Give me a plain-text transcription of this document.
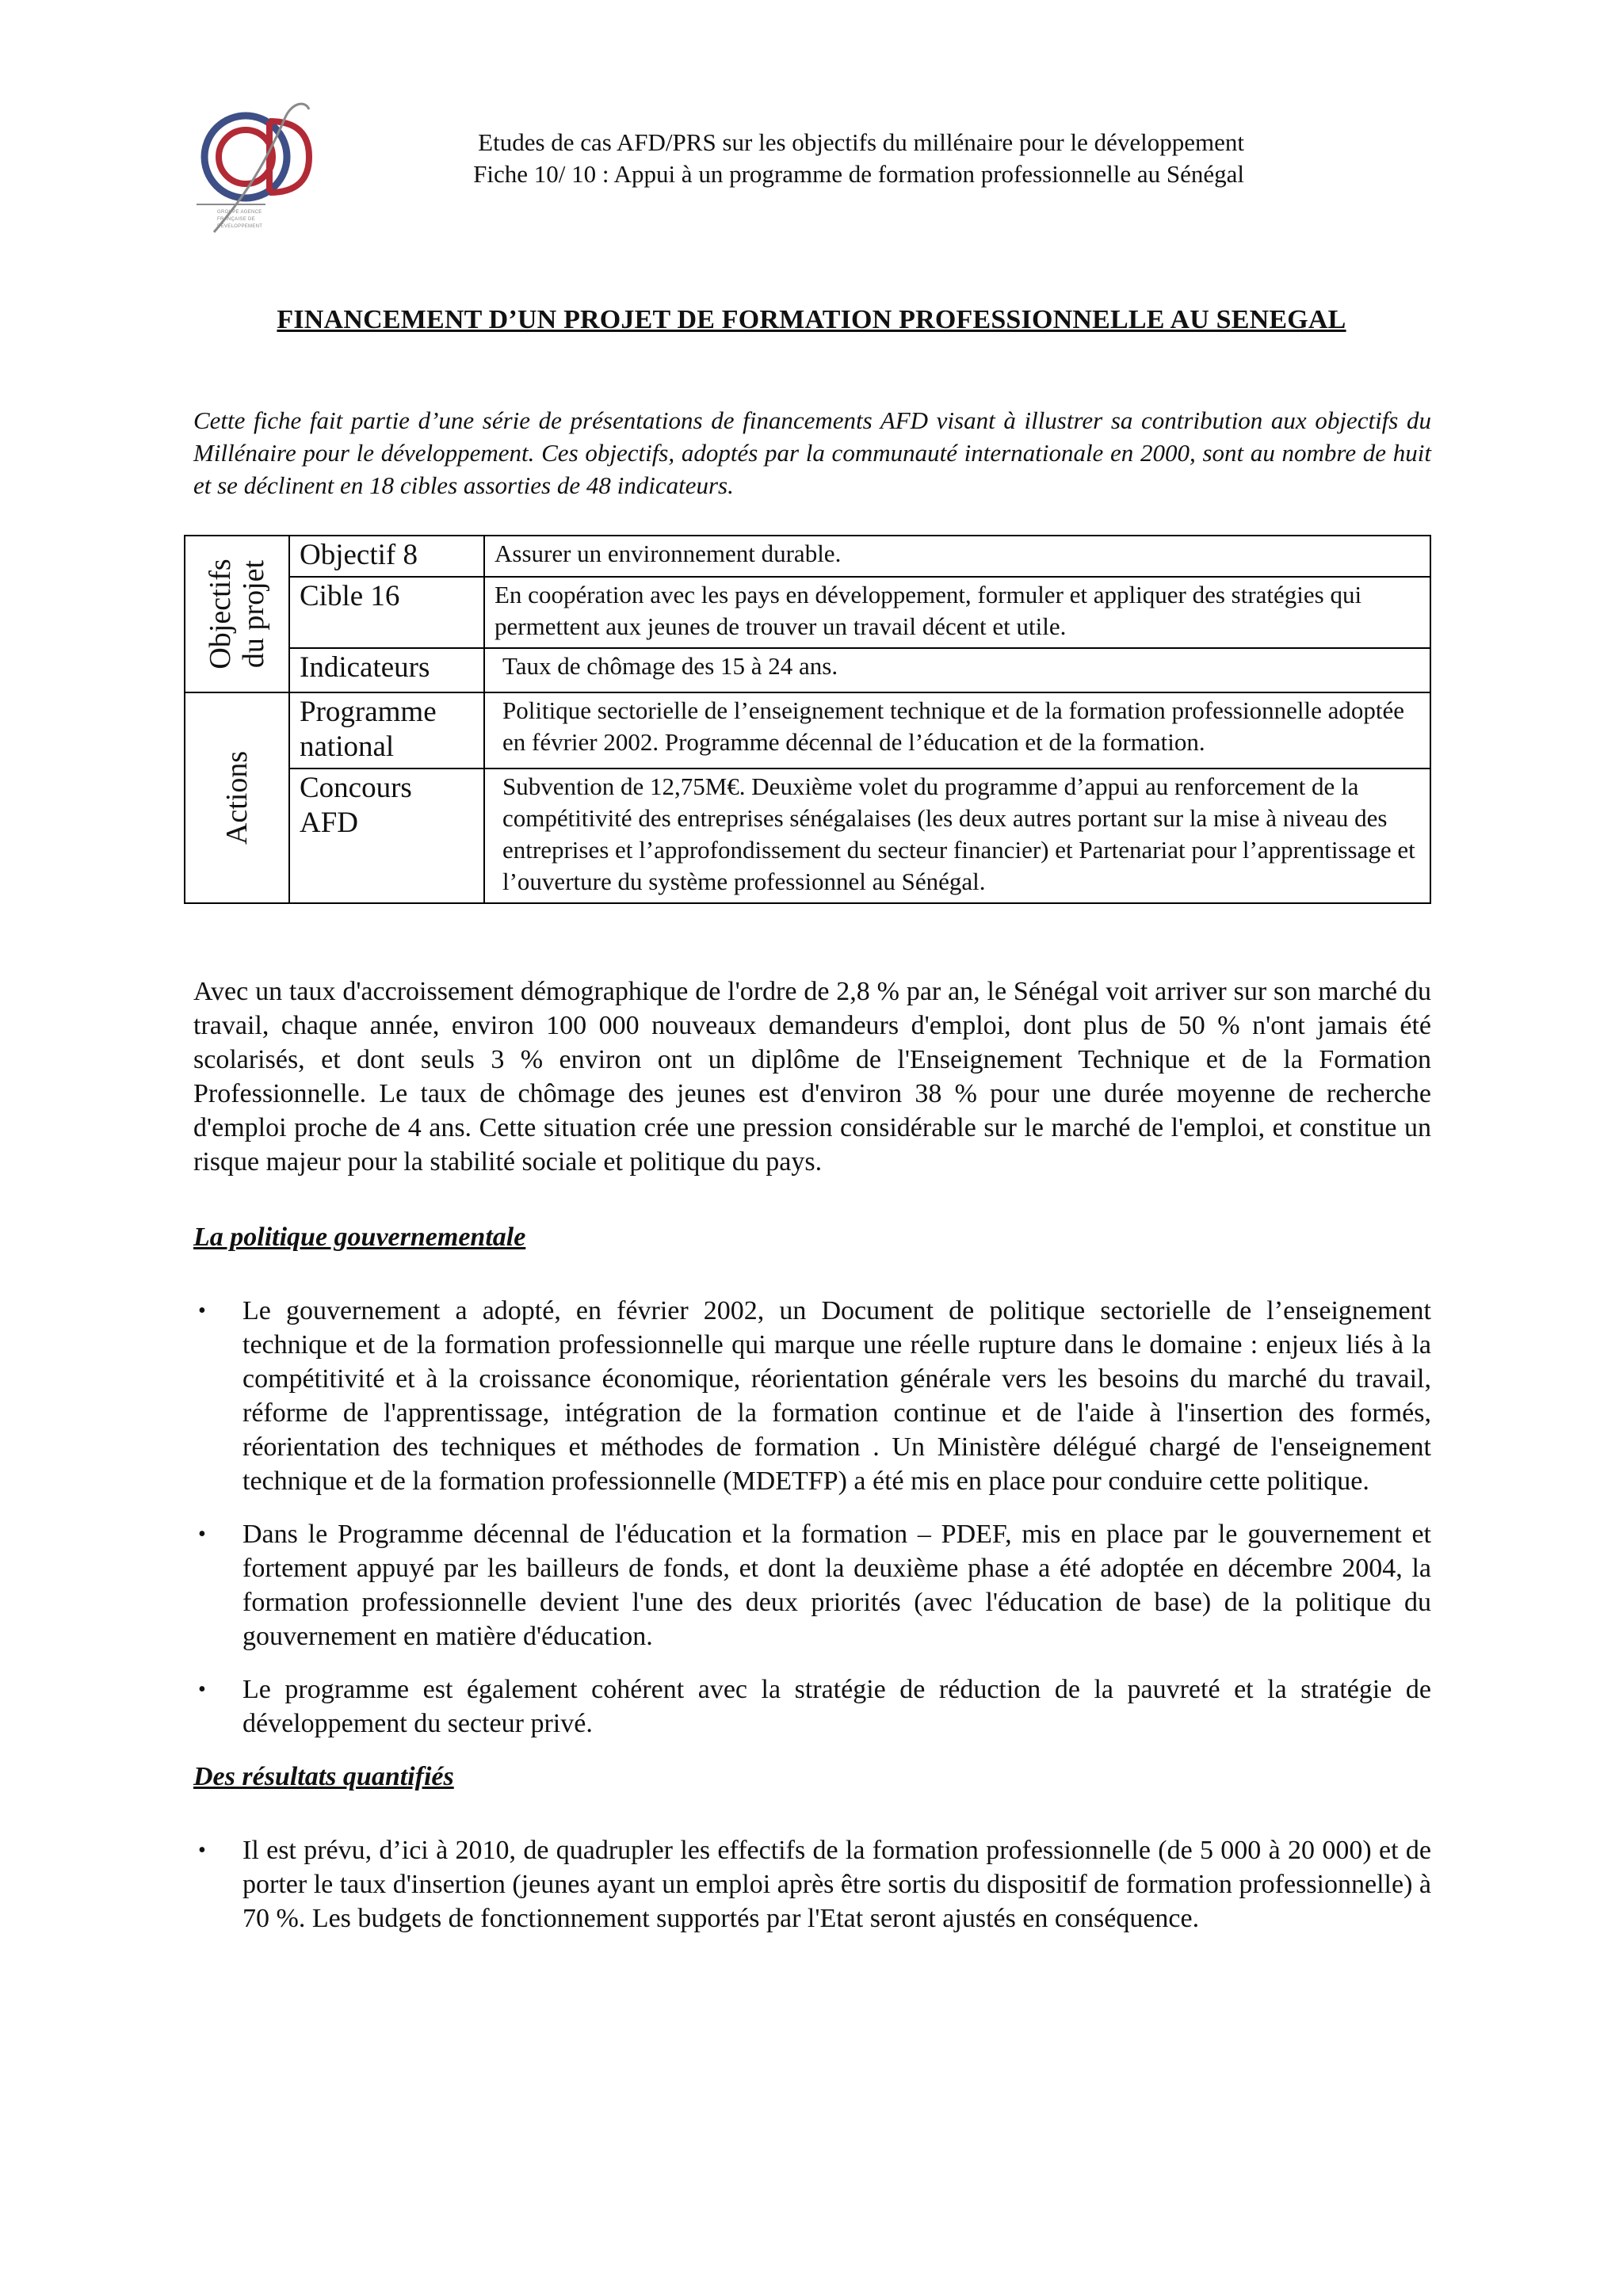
GROUPE AGENCE FRANÇAISE DE DÉVELOPPEMENT
Etudes de cas AFD/PRS sur les objectifs du millénaire pour le développement
Fiche 10/ 10 : Appui à un programme de formation professionnelle au Sénégal
FINANCEMENT D’UN PROJET DE FORMATION PROFESSIONNELLE AU SENEGAL
Cette fiche fait partie d’une série de présentations de financements AFD visant à illustrer sa contribution aux objectifs du Millénaire pour le développement. Ces objectifs, adoptés par la communauté internationale en 2000, sont au nombre de huit et se déclinent en 18 cibles assorties de 48 indicateurs.
Objectifs du projet	Objectif 8	Assurer un environnement durable.
	Cible 16	En coopération avec les pays en développement, formuler et appliquer des stratégies qui permettent aux jeunes de trouver un travail décent et utile.
	Indicateurs	Taux de chômage des 15 à 24 ans.

Actions	Programme national	Politique sectorielle de l’enseignement technique et de la formation professionnelle adoptée en février 2002. Programme décennal de l’éducation et de la formation.
	Concours AFD	Subvention de 12,75M€. Deuxième volet du programme d’appui au renforcement de la compétitivité des entreprises sénégalaises (les deux autres portant sur la mise à niveau des entreprises et l’approfondissement du secteur financier) et Partenariat pour l’apprentissage et l’ouverture du système professionnel au Sénégal.

Avec un taux d'accroissement démographique de l'ordre de 2,8 % par an, le Sénégal voit arriver sur son marché du travail, chaque année, environ 100 000 nouveaux demandeurs d'emploi, dont plus de 50 % n'ont jamais été scolarisés, et dont seuls 3 % environ ont un diplôme de l'Enseignement Technique et de la Formation Professionnelle. Le taux de chômage des jeunes est d'environ 38 % pour une durée moyenne de recherche d'emploi proche de 4 ans. Cette situation crée une pression considérable sur le marché de l'emploi, et constitue un risque majeur pour la stabilité sociale et politique du pays.

La politique gouvernementale
• Le gouvernement a adopté, en février 2002, un Document de politique sectorielle de l’enseignement technique et de la formation professionnelle qui marque une réelle rupture dans le domaine : enjeux liés à la compétitivité et à la croissance économique, réorientation générale vers les besoins du marché du travail, réforme de l'apprentissage, intégration de la formation continue et de l'aide à l'insertion des formés, réorientation des techniques et méthodes de formation . Un Ministère délégué chargé de l'enseignement technique et de la formation professionnelle (MDETFP) a été mis en place pour conduire cette politique.
• Dans le Programme décennal de l'éducation et la formation – PDEF, mis en place par le gouvernement et fortement appuyé par les bailleurs de fonds, et dont la deuxième phase a été adoptée en décembre 2004, la formation professionnelle devient l'une des deux priorités (avec l'éducation de base) de la politique du gouvernement en matière d'éducation.
• Le programme est également cohérent avec la stratégie de réduction de la pauvreté et la stratégie de développement du secteur privé.
Des résultats quantifiés
• Il est prévu, d’ici à 2010, de quadrupler les effectifs de la formation professionnelle (de 5 000 à 20 000) et de porter le taux d'insertion (jeunes ayant un emploi après être sortis du dispositif de formation professionnelle) à 70 %. Les budgets de fonctionnement supportés par l'Etat seront ajustés en conséquence.
